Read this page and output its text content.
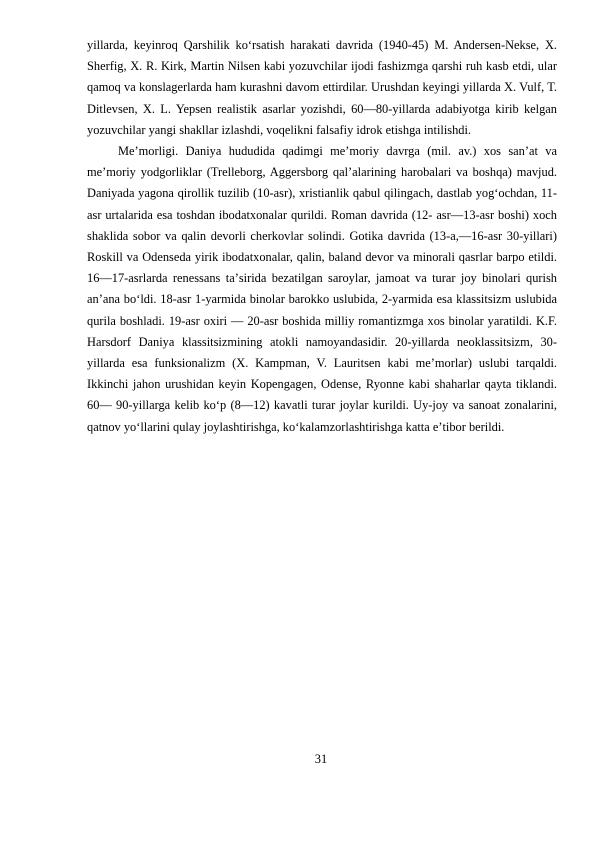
yillarda, keyinroq Qarshilik koʻrsatish harakati davrida (1940-45) M. Andersen-Nekse, X. Sherfig, X. R. Kirk, Martin Nilsen kabi yozuvchilar ijodi fashizmga qarshi ruh kasb etdi, ular qamoq va konslagerlarda ham kurashni davom ettirdilar. Urushdan keyingi yillarda X. Vulf, T. Ditlevsen, X. L. Yepsen realistik asarlar yozishdi, 60—80-yillarda adabiyotga kirib kelgan yozuvchilar yangi shakllar izlashdi, voqelikni falsafiy idrok etishga intilishdi.

Meʼmorligi. Daniya hududida qadimgi meʼmoriy davrga (mil. av.) xos sanʼat va meʼmoriy yodgorliklar (Trelleborg, Aggersborg qalʼalarining harobalari va boshqa) mavjud. Daniyada yagona qirollik tuzilib (10-asr), xristianlik qabul qilingach, dastlab yogʻochdan, 11-asr urtalarida esa toshdan ibodatxonalar qurildi. Roman davrida (12- asr—13-asr boshi) xoch shaklida sobor va qalin devorli cherkovlar solindi. Gotika davrida (13-a,—16-asr 30-yillari) Roskill va Odenseda yirik ibodatxonalar, qalin, baland devor va minorali qasrlar barpo etildi. 16—17-asrlarda renessans taʼsirida bezatilgan saroylar, jamoat va turar joy binolari qurish anʼana boʻldi. 18-asr 1-yarmida binolar barokko uslubida, 2-yarmida esa klassitsizm uslubida qurila boshladi. 19-asr oxiri — 20-asr boshida milliy romantizmga xos binolar yaratildi. K.F. Harsdorf Daniya klassitsizmining atokli namoyandasidir. 20-yillarda neoklassitsizm, 30-yillarda esa funksionalizm (X. Kampman, V. Lauritsen kabi meʼmorlar) uslubi tarqaldi. Ikkinchi jahon urushidan keyin Kopengagen, Odense, Ryonne kabi shaharlar qayta tiklandi. 60— 90-yillarga kelib koʻp (8—12) kavatli turar joylar kurildi. Uy-joy va sanoat zonalarini, qatnov yoʻllarini qulay joylashtirishga, koʻkalamzorlashtirishga katta eʼtibor berildi.

31
